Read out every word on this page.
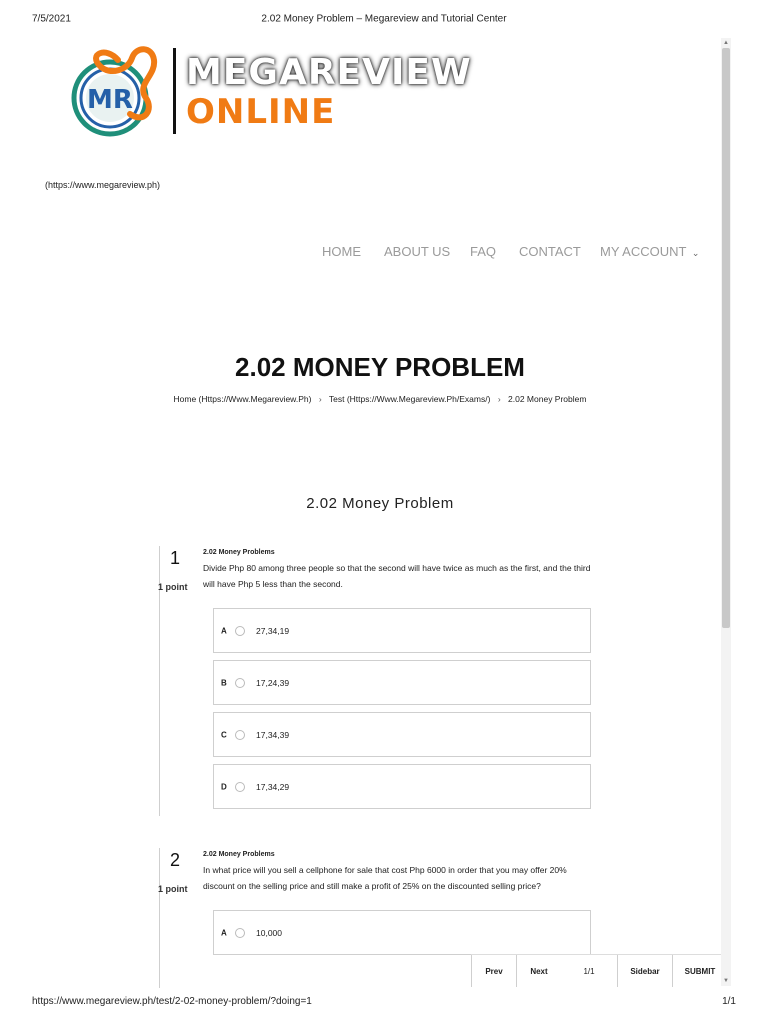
7/5/2021	2.02 Money Problem – Megareview and Tutorial Center
MR
MEGAREVIEW
ONLINE
(https://www.megareview.ph)
HOME ABOUT US FAQ CONTACT MY ACCOUNT ⌄
2.02 MONEY PROBLEM
Home (Https://Www.Megareview.Ph) › Test (Https://Www.Megareview.Ph/Exams/) › 2.02 Money Problem
2.02 Money Problem
1
1 point
2.02 Money Problems
Divide Php 80 among three people so that the second will have twice as much as the first, and the third will have Php 5 less than the second.
A	27,34,19
B	17,24,39
C	17,34,39
D	17,34,29
2
1 point
2.02 Money Problems
In what price will you sell a cellphone for sale that cost Php 6000 in order that you may offer 20% discount on the selling price and still make a profit of 25% on the discounted selling price?
A	10,000
Prev	Next	1/1	Sidebar	SUBMIT
▲
▼
https://www.megareview.ph/test/2-02-money-problem/?doing=1	1/1
